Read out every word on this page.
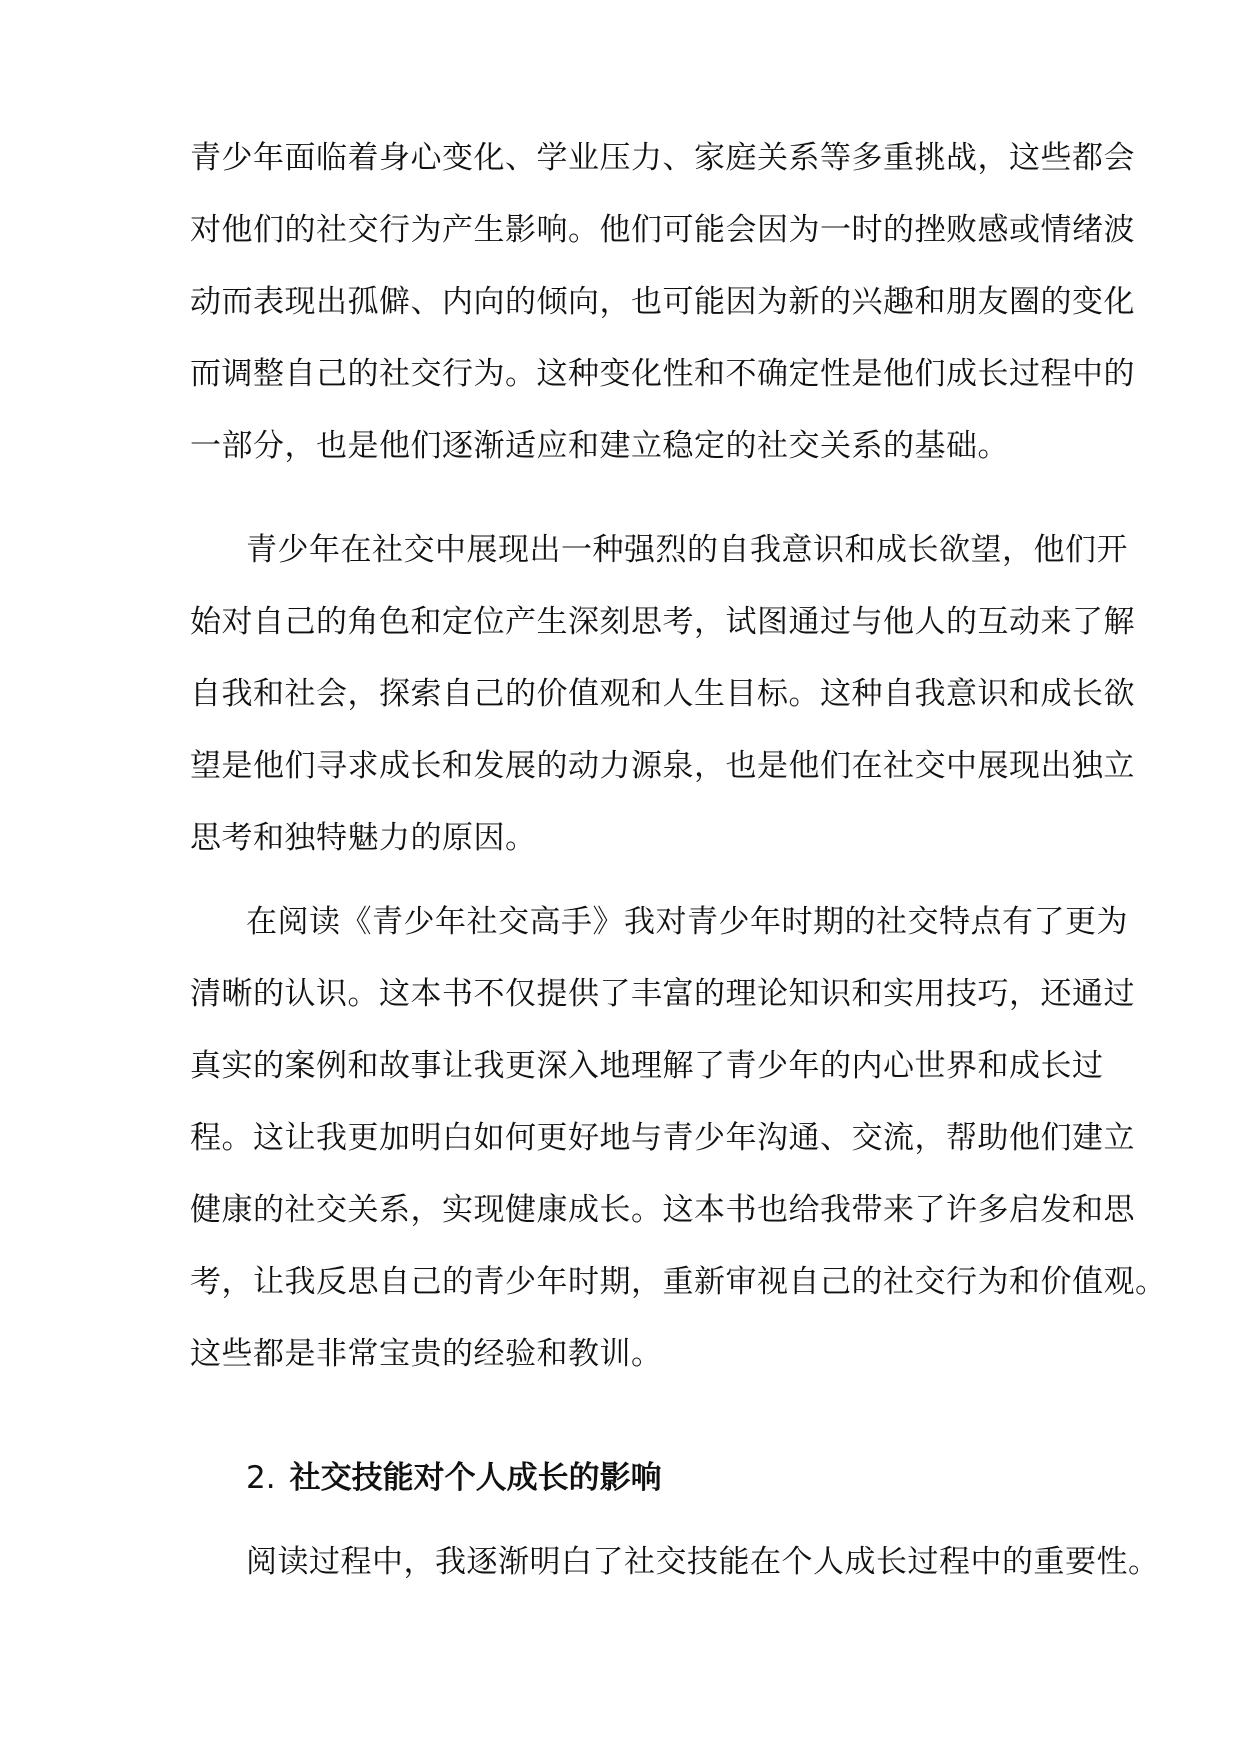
青少年面临着身心变化、学业压力、家庭关系等多重挑战，这些都会
对他们的社交行为产生影响。他们可能会因为一时的挫败感或情绪波
动而表现出孤僻、内向的倾向，也可能因为新的兴趣和朋友圈的变化
而调整自己的社交行为。这种变化性和不确定性是他们成长过程中的
一部分，也是他们逐渐适应和建立稳定的社交关系的基础。
青少年在社交中展现出一种强烈的自我意识和成长欲望，他们开
始对自己的角色和定位产生深刻思考，试图通过与他人的互动来了解
自我和社会，探索自己的价值观和人生目标。这种自我意识和成长欲
望是他们寻求成长和发展的动力源泉，也是他们在社交中展现出独立
思考和独特魅力的原因。
在阅读《青少年社交高手》我对青少年时期的社交特点有了更为
清晰的认识。这本书不仅提供了丰富的理论知识和实用技巧，还通过
真实的案例和故事让我更深入地理解了青少年的内心世界和成长过
程。这让我更加明白如何更好地与青少年沟通、交流，帮助他们建立
健康的社交关系，实现健康成长。这本书也给我带来了许多启发和思
考，让我反思自己的青少年时期，重新审视自己的社交行为和价值观。
这些都是非常宝贵的经验和教训。
2. 社交技能对个人成长的影响
阅读过程中，我逐渐明白了社交技能在个人成长过程中的重要性。
